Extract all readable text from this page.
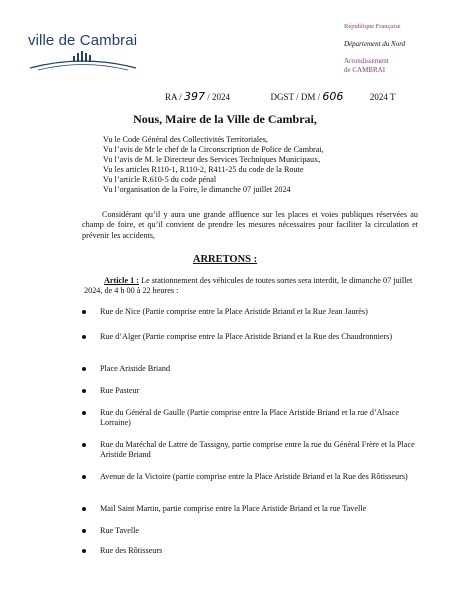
ville de Cambrai
République Française
Département du Nord
Arrondissement
de CAMBRAI
RA / 397 / 2024	DGST / DM / 606	2024 T
Nous, Maire de la Ville de Cambrai,
Vu le Code Général des Collectivités Territoriales,
Vu l’avis de Mr le chef de la Circonscription de Police de Cambrai,
Vu l’avis de M. le Directeur des Services Techniques Municipaux,
Vu les articles R110-1, R110-2, R411-25 du code de la Route
Vu l’article R.610-5 du code pénal
Vu l’organisation de la Foire, le dimanche 07 juillet 2024
Considérant qu’il y aura une grande affluence sur les places et voies publiques réservées au champ de foire, et qu’il convient de prendre les mesures nécessaires pour faciliter la circulation et prévenir les accidents,
ARRETONS :
Article 1 : Le stationnement des véhicules de toutes sortes sera interdit, le dimanche 07 juillet 2024, de 4 h 00 à 22 heures :
Rue de Nice (Partie comprise entre la Place Aristide Briand et la Rue Jean Jaurès)
Rue d’Alger (Partie comprise entre la Place Aristide Briand et la Rue des Chaudronniers)
Place Aristide Briand
Rue Pasteur
Rue du Général de Gaulle (Partie comprise entre la Place Aristide Briand et la rue d’Alsace Lorraine)
Rue du Maréchal de Lattre de Tassigny, partie comprise entre la rue du Général Frère et la Place Aristide Briand
Avenue de la Victoire (partie comprise entre la Place Aristide Briand et la Rue des Rôtisseurs)
Mail Saint Martin, partie comprise entre la Place Aristide Briand et la rue Tavelle
Rue Tavelle
Rue des Rôtisseurs
